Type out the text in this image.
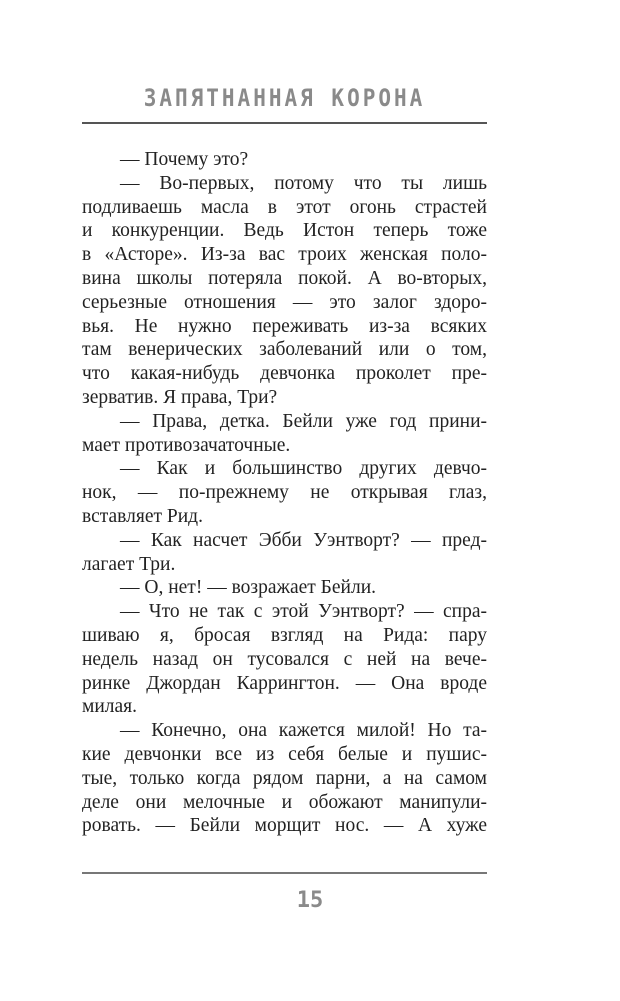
ЗАПЯТНАННАЯ КОРОНА
— Почему это?
— Во-первых, потому что ты лишь
подливаешь масла в этот огонь страстей
и конкуренции. Ведь Истон теперь тоже
в «Асторе». Из-за вас троих женская поло-
вина школы потеряла покой. А во-вторых,
серьезные отношения — это залог здоро-
вья. Не нужно переживать из-за всяких
там венерических заболеваний или о том,
что какая-нибудь девчонка проколет пре-
зерватив. Я права, Три?
— Права, детка. Бейли уже год прини-
мает противозачаточные.
— Как и большинство других девчо-
нок, — по-прежнему не открывая глаз,
вставляет Рид.
— Как насчет Эбби Уэнтворт? — пред-
лагает Три.
— О, нет! — возражает Бейли.
— Что не так с этой Уэнтворт? — спра-
шиваю я, бросая взгляд на Рида: пару
недель назад он тусовался с ней на вече-
ринке Джордан Каррингтон. — Она вроде
милая.
— Конечно, она кажется милой! Но та-
кие девчонки все из себя белые и пушис-
тые, только когда рядом парни, а на самом
деле они мелочные и обожают манипули-
ровать. — Бейли морщит нос. — А хуже
15
